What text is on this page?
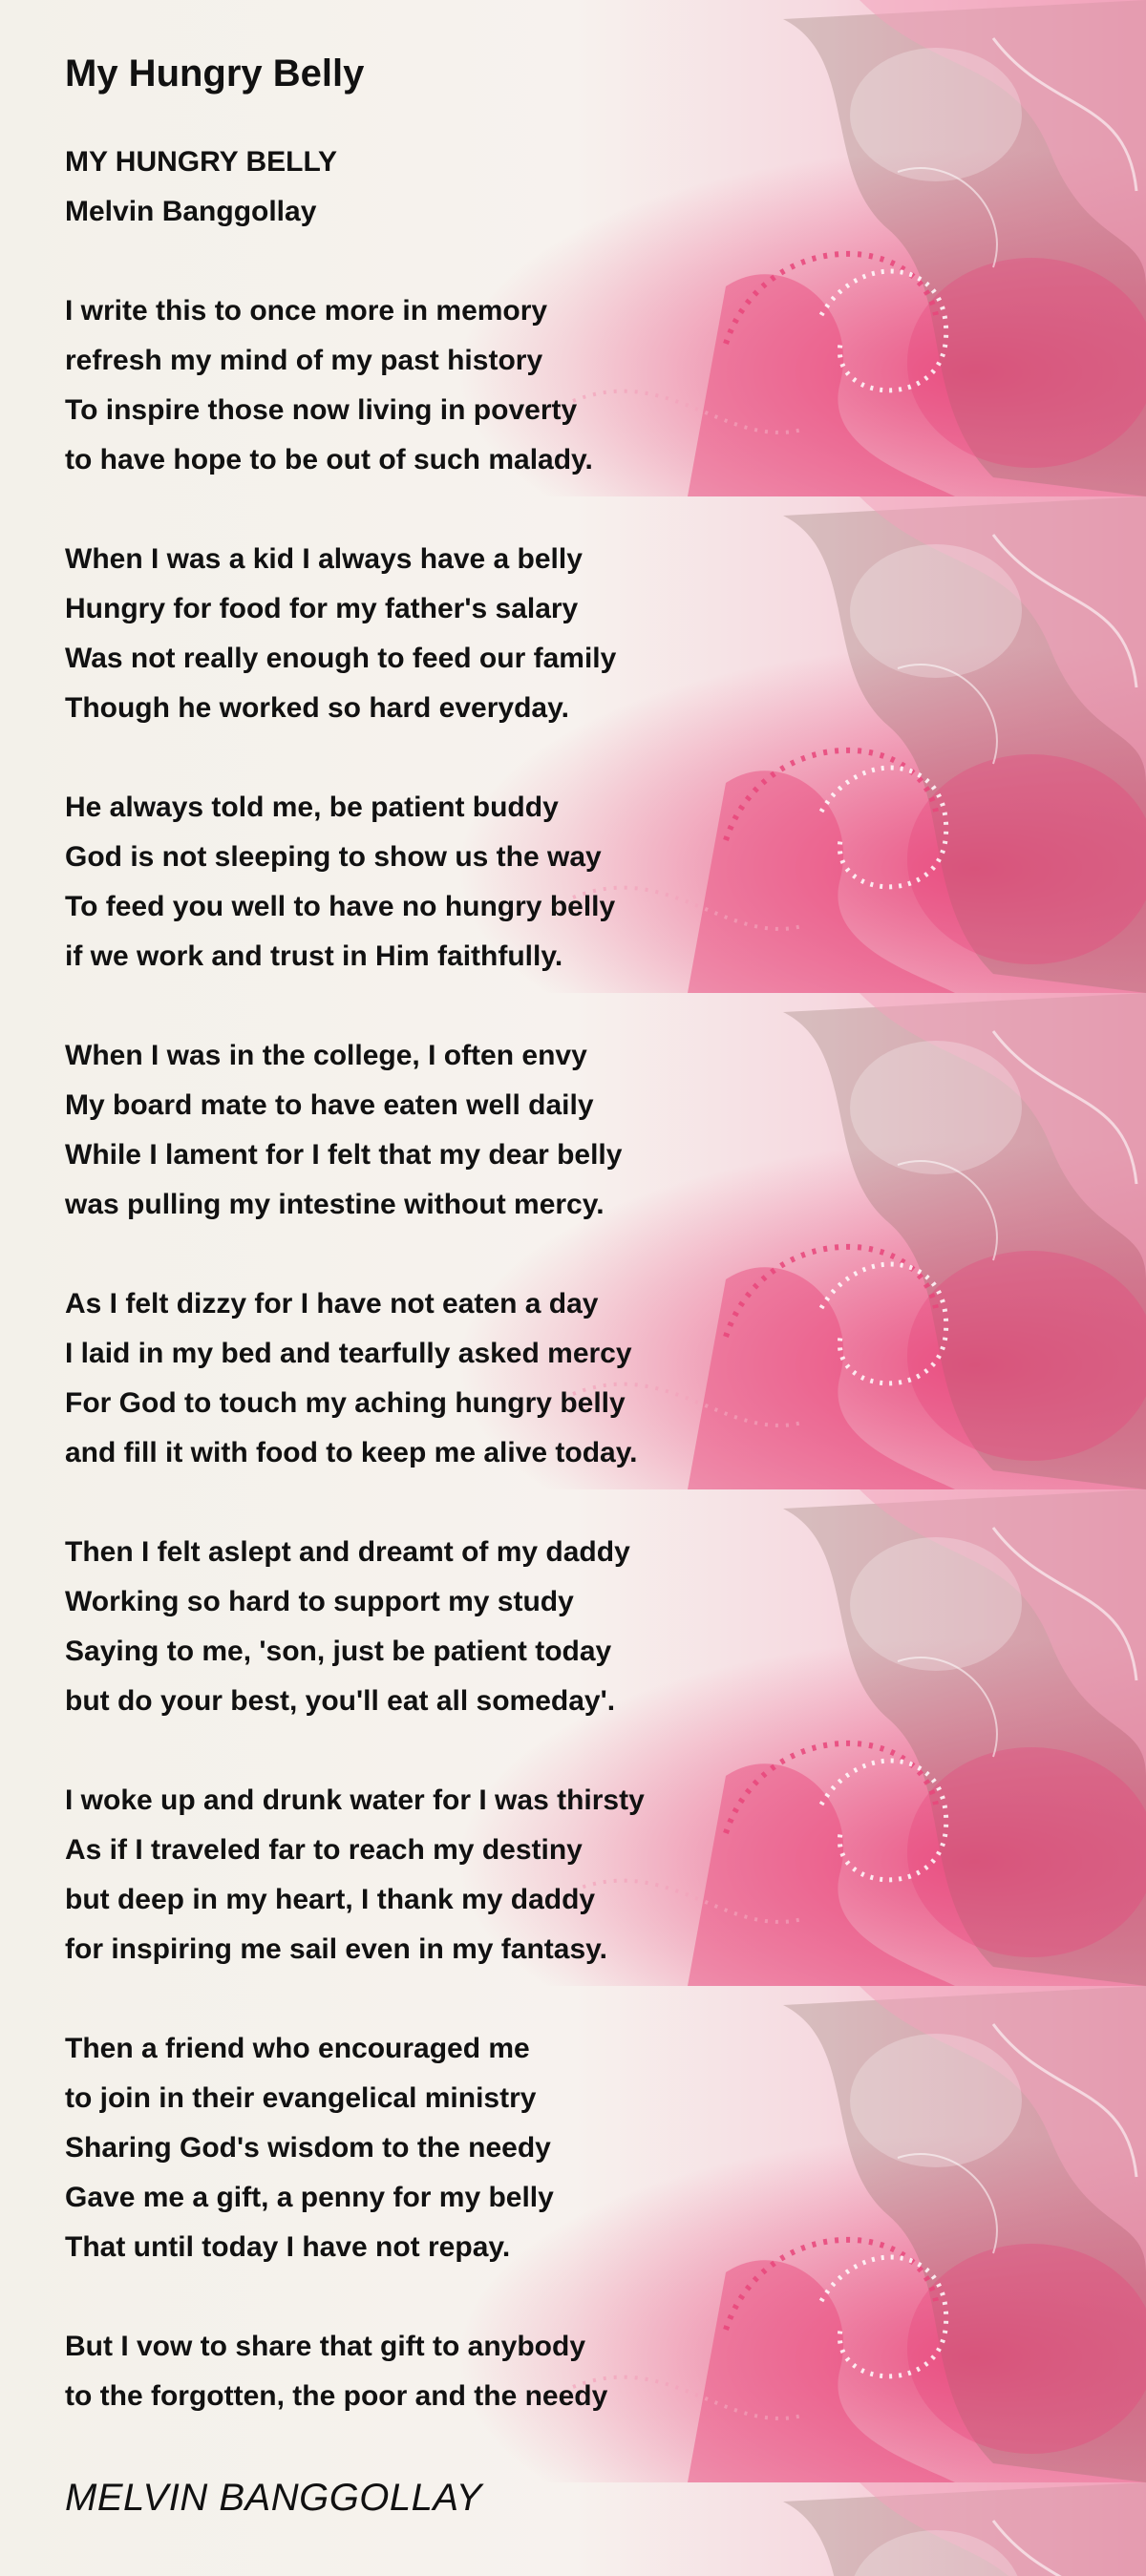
My Hungry Belly
MY HUNGRY BELLY
Melvin Banggollay
I write this to once more in memory
refresh my mind of my past history
To inspire those now living in poverty
to have hope to be out of such malady.
When I was a kid I always have a belly
Hungry for food for my father's salary
Was not really enough to feed our family
Though he worked so hard everyday.
He always told me, be patient buddy
God is not sleeping to show us the way
To feed you well to have no hungry belly
if we work and trust in Him faithfully.
When I was in the college, I often envy
My board mate to have eaten well daily
While I lament for I felt that my dear belly
was pulling my intestine without mercy.
As I felt dizzy for I have not eaten a day
I laid in my bed and tearfully asked mercy
For God to touch my aching hungry belly
and fill it with food to keep me alive today.
Then I felt aslept and dreamt of my daddy
Working so hard to support my study
Saying to me, 'son, just be patient today
but do your best, you'll eat all someday'.
I woke up and drunk water for I was thirsty
As if I traveled far to reach my destiny
but deep in my heart, I thank my daddy
for inspiring me sail even in my fantasy.
Then a friend who encouraged me
to join in their evangelical ministry
Sharing God's wisdom to the needy
Gave me a gift, a penny for my belly
That until today I have not repay.
But I vow to share that gift to anybody
to the forgotten, the poor and the needy
MELVIN BANGGOLLAY
